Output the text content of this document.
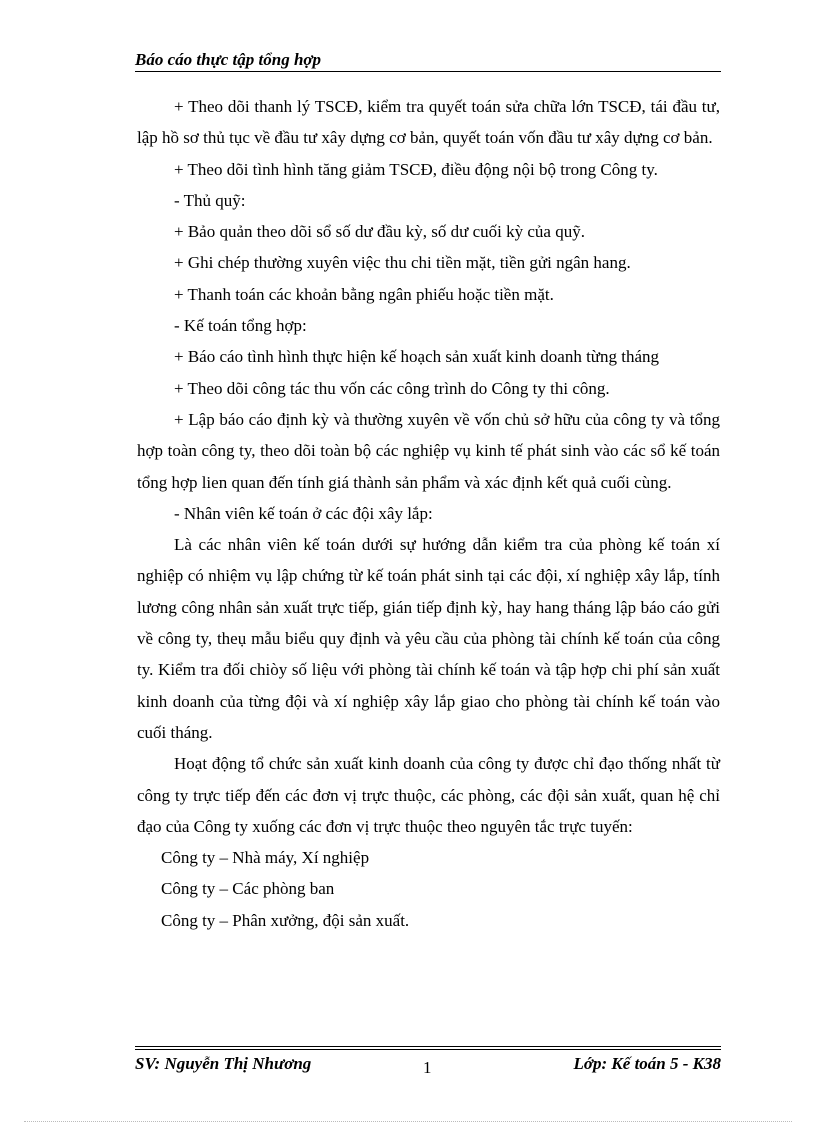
Báo cáo thực tập tổng hợp

+ Theo dõi thanh lý TSCĐ, kiểm tra quyết toán sửa chữa lớn TSCĐ, tái đầu tư, lập hồ sơ thủ tục về đầu tư xây dựng cơ bản, quyết toán vốn đầu tư xây dựng cơ bản.

+ Theo dõi tình hình tăng giảm TSCĐ, điều động nội bộ trong Công ty.

- Thủ quỹ:

+ Bảo quản theo dõi sổ số dư đầu kỳ, số dư cuối kỳ của quỹ.

+ Ghi chép thường xuyên việc thu chi tiền mặt, tiền gửi ngân hang.

+ Thanh toán các khoản bằng ngân phiếu hoặc tiền mặt.

- Kế toán tổng hợp:

+ Báo cáo tình hình thực hiện kế hoạch sản xuất kinh doanh từng tháng

+ Theo dõi công tác thu vốn các công trình do Công ty thi công.

+ Lập báo cáo định kỳ và thường xuyên về vốn chủ sở hữu của công ty và tổng hợp toàn công ty, theo dõi toàn bộ các nghiệp vụ kinh tế phát sinh vào các sổ kế toán tổng hợp lien quan đến tính giá thành sản phẩm và xác định kết quả cuối cùng.

- Nhân viên kế toán ở các đội xây lắp:

Là các nhân viên kế toán dưới sự hướng dẫn kiểm tra của phòng kế toán xí nghiệp có nhiệm vụ lập chứng từ kế toán phát sinh tại các đội, xí nghiệp xây lắp, tính lương công nhân sản xuất trực tiếp, gián tiếp định kỳ, hay hang tháng lập báo cáo gửi về công ty, theụ mẫu biểu quy định và yêu cầu của phòng tài chính kế toán của công ty. Kiểm tra đối chiòy số liệu với phòng tài chính kế toán và tập hợp chi phí sản xuất kinh doanh của từng đội và xí nghiệp xây lắp giao cho phòng tài chính kế toán vào cuối tháng.

Hoạt động tổ chức sản xuất kinh doanh của công ty được chỉ đạo thống nhất từ công ty trực tiếp đến các đơn vị trực thuộc, các phòng, các đội sản xuất, quan hệ chỉ đạo của Công ty xuống các đơn vị trực thuộc theo nguyên tắc trực tuyến:

Công ty – Nhà máy, Xí nghiệp

Công ty – Các phòng ban

Công ty – Phân xưởng, đội sản xuất.

SV: Nguyễn Thị Nhương	1	Lớp: Kế toán 5 - K38
